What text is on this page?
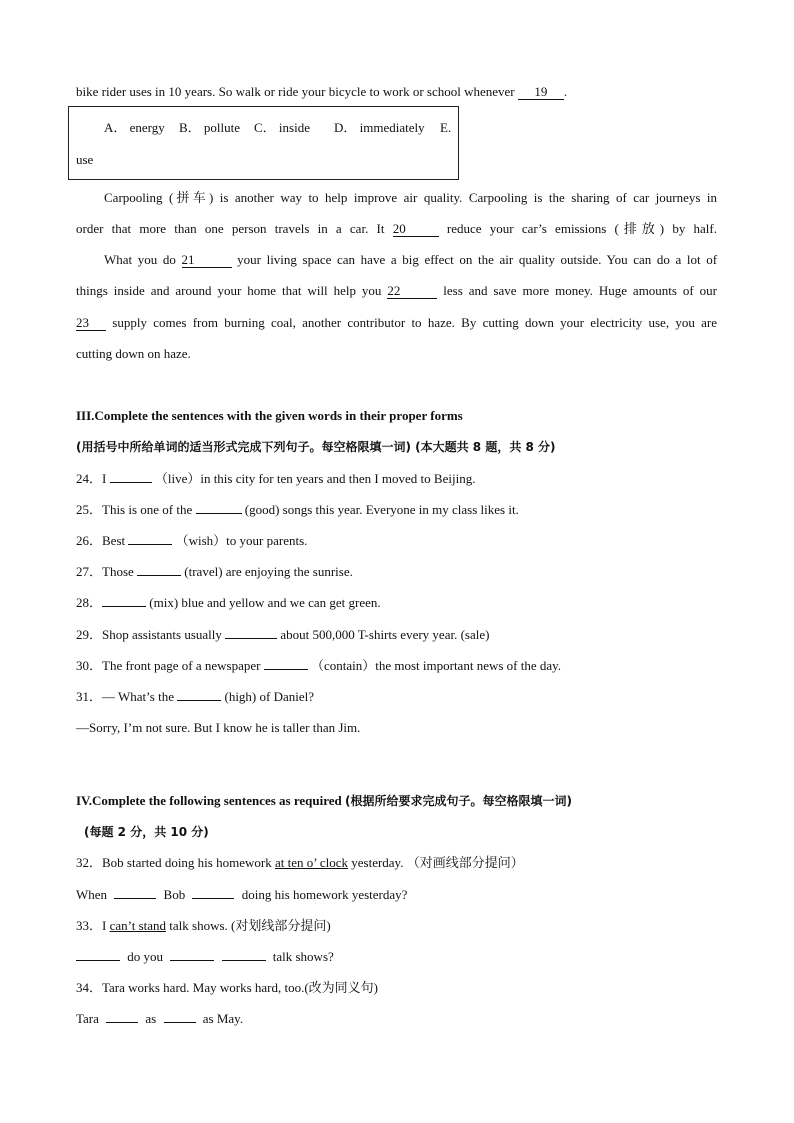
bike rider uses in 10 years. So walk or ride your bicycle to work or school whenever 19 .
A． energy B． pollute C． inside D． immediately E.
use
Carpooling (拼车) is another way to help improve air quality. Carpooling is the sharing of car journeys in
order that more than one person travels in a car. It 20	reduce your car’s emissions (排放) by half.
What you do 21	your living space can have a big effect on the air quality outside. You can do a lot of
things inside and around your home that will help you 22	less and save more money. Huge amounts of our
23 supply comes from burning coal, another contributor to haze. By cutting down your electricity use, you are
cutting down on haze.
III.Complete the sentences with the given words in their proper forms
(用括号中所给单词的适当形式完成下列句子。每空格限填一词) (本大题共 8 题，共 8 分)
24．I	（live）in this city for ten years and then I moved to Beijing.
25．This is one of the	(good) songs this year. Everyone in my class likes it.
26．Best	（wish）to your parents.
27．Those	(travel) are enjoying the sunrise.
28．	(mix) blue and yellow and we can get green.
29．Shop assistants usually	about 500,000 T-shirts every year. (sale)
30．The front page of a newspaper	（contain）the most important news of the day.
31．— What’s the	(high) of Daniel?
—Sorry, I’m not sure. But I know he is taller than Jim.
IV.Complete the following sentences as required (根据所给要求完成句子。每空格限填一词)
(每题 2 分，共 10 分)
32．Bob started doing his homework at ten o’ clock yesterday. （对画线部分提问）
When	Bob	doing his homework yesterday?
33．I can’t stand talk shows. (对划线部分提问)
do you	talk shows?
34．Tara works hard. May works hard, too.(改为同义句)
Tara	as	as May.
